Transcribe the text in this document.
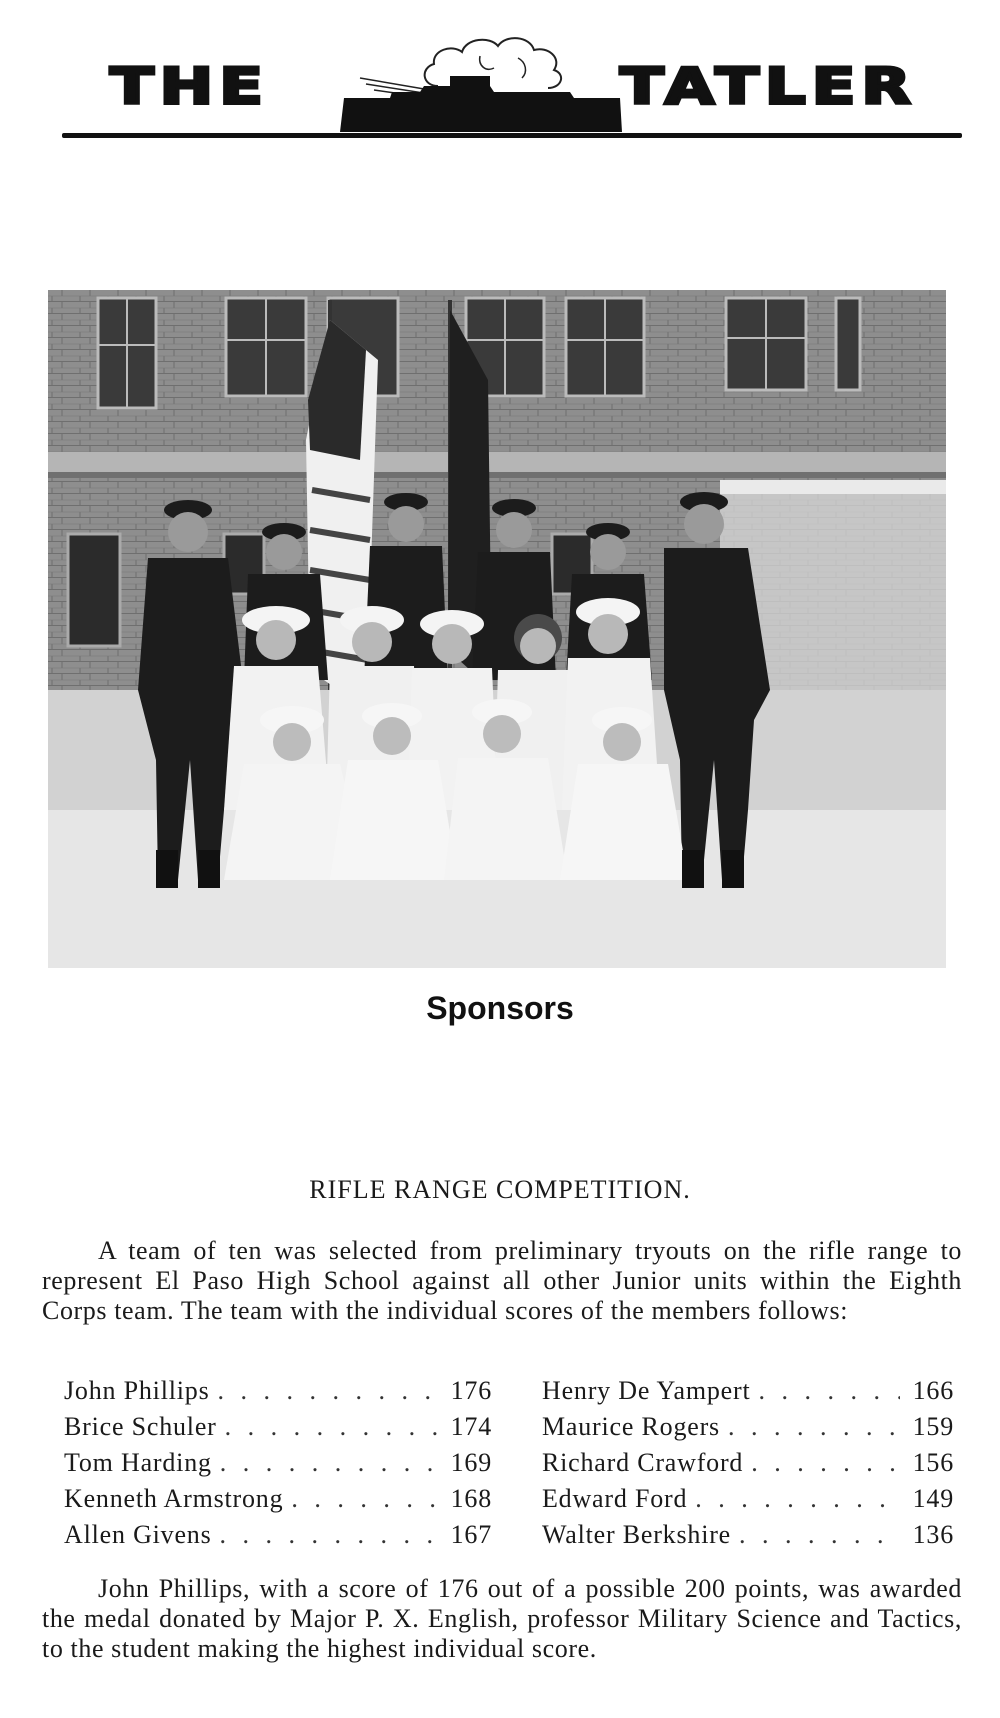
THE	TATLER
Sponsors
RIFLE RANGE COMPETITION.

A team of ten was selected from preliminary tryouts on the rifle range to represent El Paso High School against all other Junior units within the Eighth Corps team. The team with the individual scores of the members follows:

John Phillips . . .	176 Henry De Yampert . . .	166
Brice Schuler . . .	174 Maurice Rogers . . .	159
Tom Harding . . .	169 Richard Crawford . . .	156
Kenneth Armstrong . . .	168 Edward Ford . . .	149
Allen Givens . . .	167 Walter Berkshire . . .	136

John Phillips, with a score of 176 out of a possible 200 points, was awarded the medal donated by Major P. X. English, professor Military Science and Tactics, to the student making the highest individual score.
